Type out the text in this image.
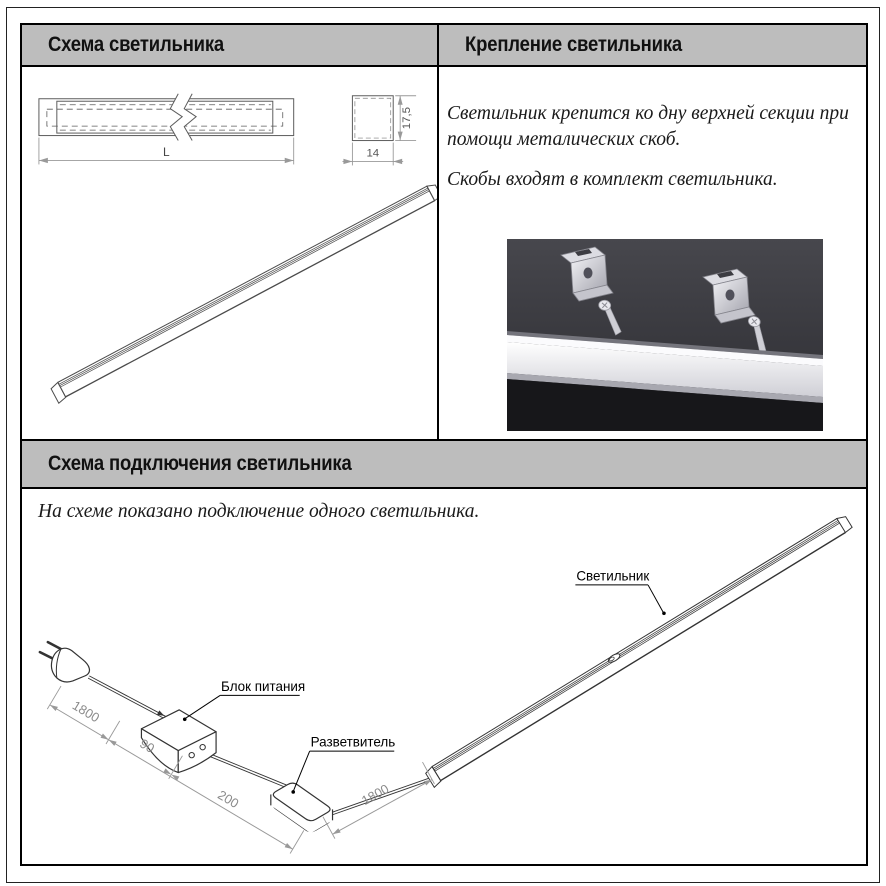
Схема светильника
L
17,5
14
Крепление светильника

Светильник крепится ко дну верхней секции при помощи металических скоб.

Скобы входят в комплект светильника.

Схема подключения светильника
Блок питания
Разветвитель
Светильник
1800
90
200	1800

На схеме показано подключение одного светильника.
